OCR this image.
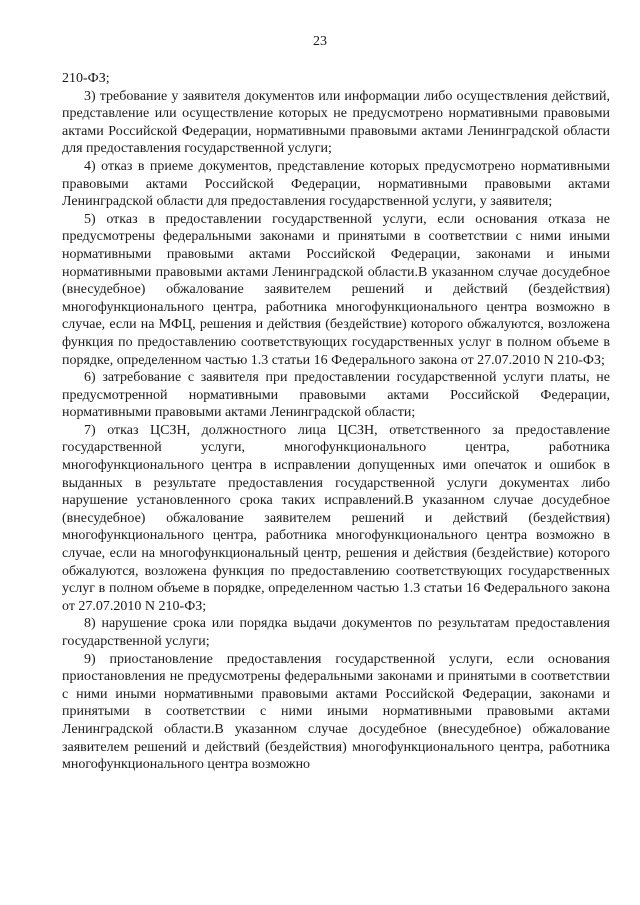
23

210-ФЗ;

3) требование у заявителя документов или информации либо осуществления действий, представление или осуществление которых не предусмотрено нормативными правовыми актами Российской Федерации, нормативными правовыми актами Ленинградской области для предоставления государственной услуги;

4) отказ в приеме документов, представление которых предусмотрено нормативными правовыми актами Российской Федерации, нормативными правовыми актами Ленинградской области для предоставления государственной услуги, у заявителя;

5) отказ в предоставлении государственной услуги, если основания отказа не предусмотрены федеральными законами и принятыми в соответствии с ними иными нормативными правовыми актами Российской Федерации, законами и иными нормативными правовыми актами Ленинградской области.В указанном случае досудебное (внесудебное) обжалование заявителем решений и действий (бездействия) многофункционального центра, работника многофункционального центра возможно в случае, если на МФЦ, решения и действия (бездействие) которого обжалуются, возложена функция по предоставлению соответствующих государственных услуг в полном объеме в порядке, определенном частью 1.3 статьи 16 Федерального закона от 27.07.2010 N 210-ФЗ;

6) затребование с заявителя при предоставлении государственной услуги платы, не предусмотренной нормативными правовыми актами Российской Федерации, нормативными правовыми актами Ленинградской области;

7) отказ ЦСЗН, должностного лица ЦСЗН, ответственного за предоставление государственной услуги, многофункционального центра, работника многофункционального центра в исправлении допущенных ими опечаток и ошибок в выданных в результате предоставления государственной услуги документах либо нарушение установленного срока таких исправлений.В указанном случае досудебное (внесудебное) обжалование заявителем решений и действий (бездействия) многофункционального центра, работника многофункционального центра возможно в случае, если на многофункциональный центр, решения и действия (бездействие) которого обжалуются, возложена функция по предоставлению соответствующих государственных услуг в полном объеме в порядке, определенном частью 1.3 статьи 16 Федерального закона от 27.07.2010 N 210-ФЗ;

8) нарушение срока или порядка выдачи документов по результатам предоставления государственной услуги;

9) приостановление предоставления государственной услуги, если основания приостановления не предусмотрены федеральными законами и принятыми в соответствии с ними иными нормативными правовыми актами Российской Федерации, законами и принятыми в соответствии с ними иными нормативными правовыми актами Ленинградской области.В указанном случае досудебное (внесудебное) обжалование заявителем решений и действий (бездействия) многофункционального центра, работника многофункционального центра возможно
